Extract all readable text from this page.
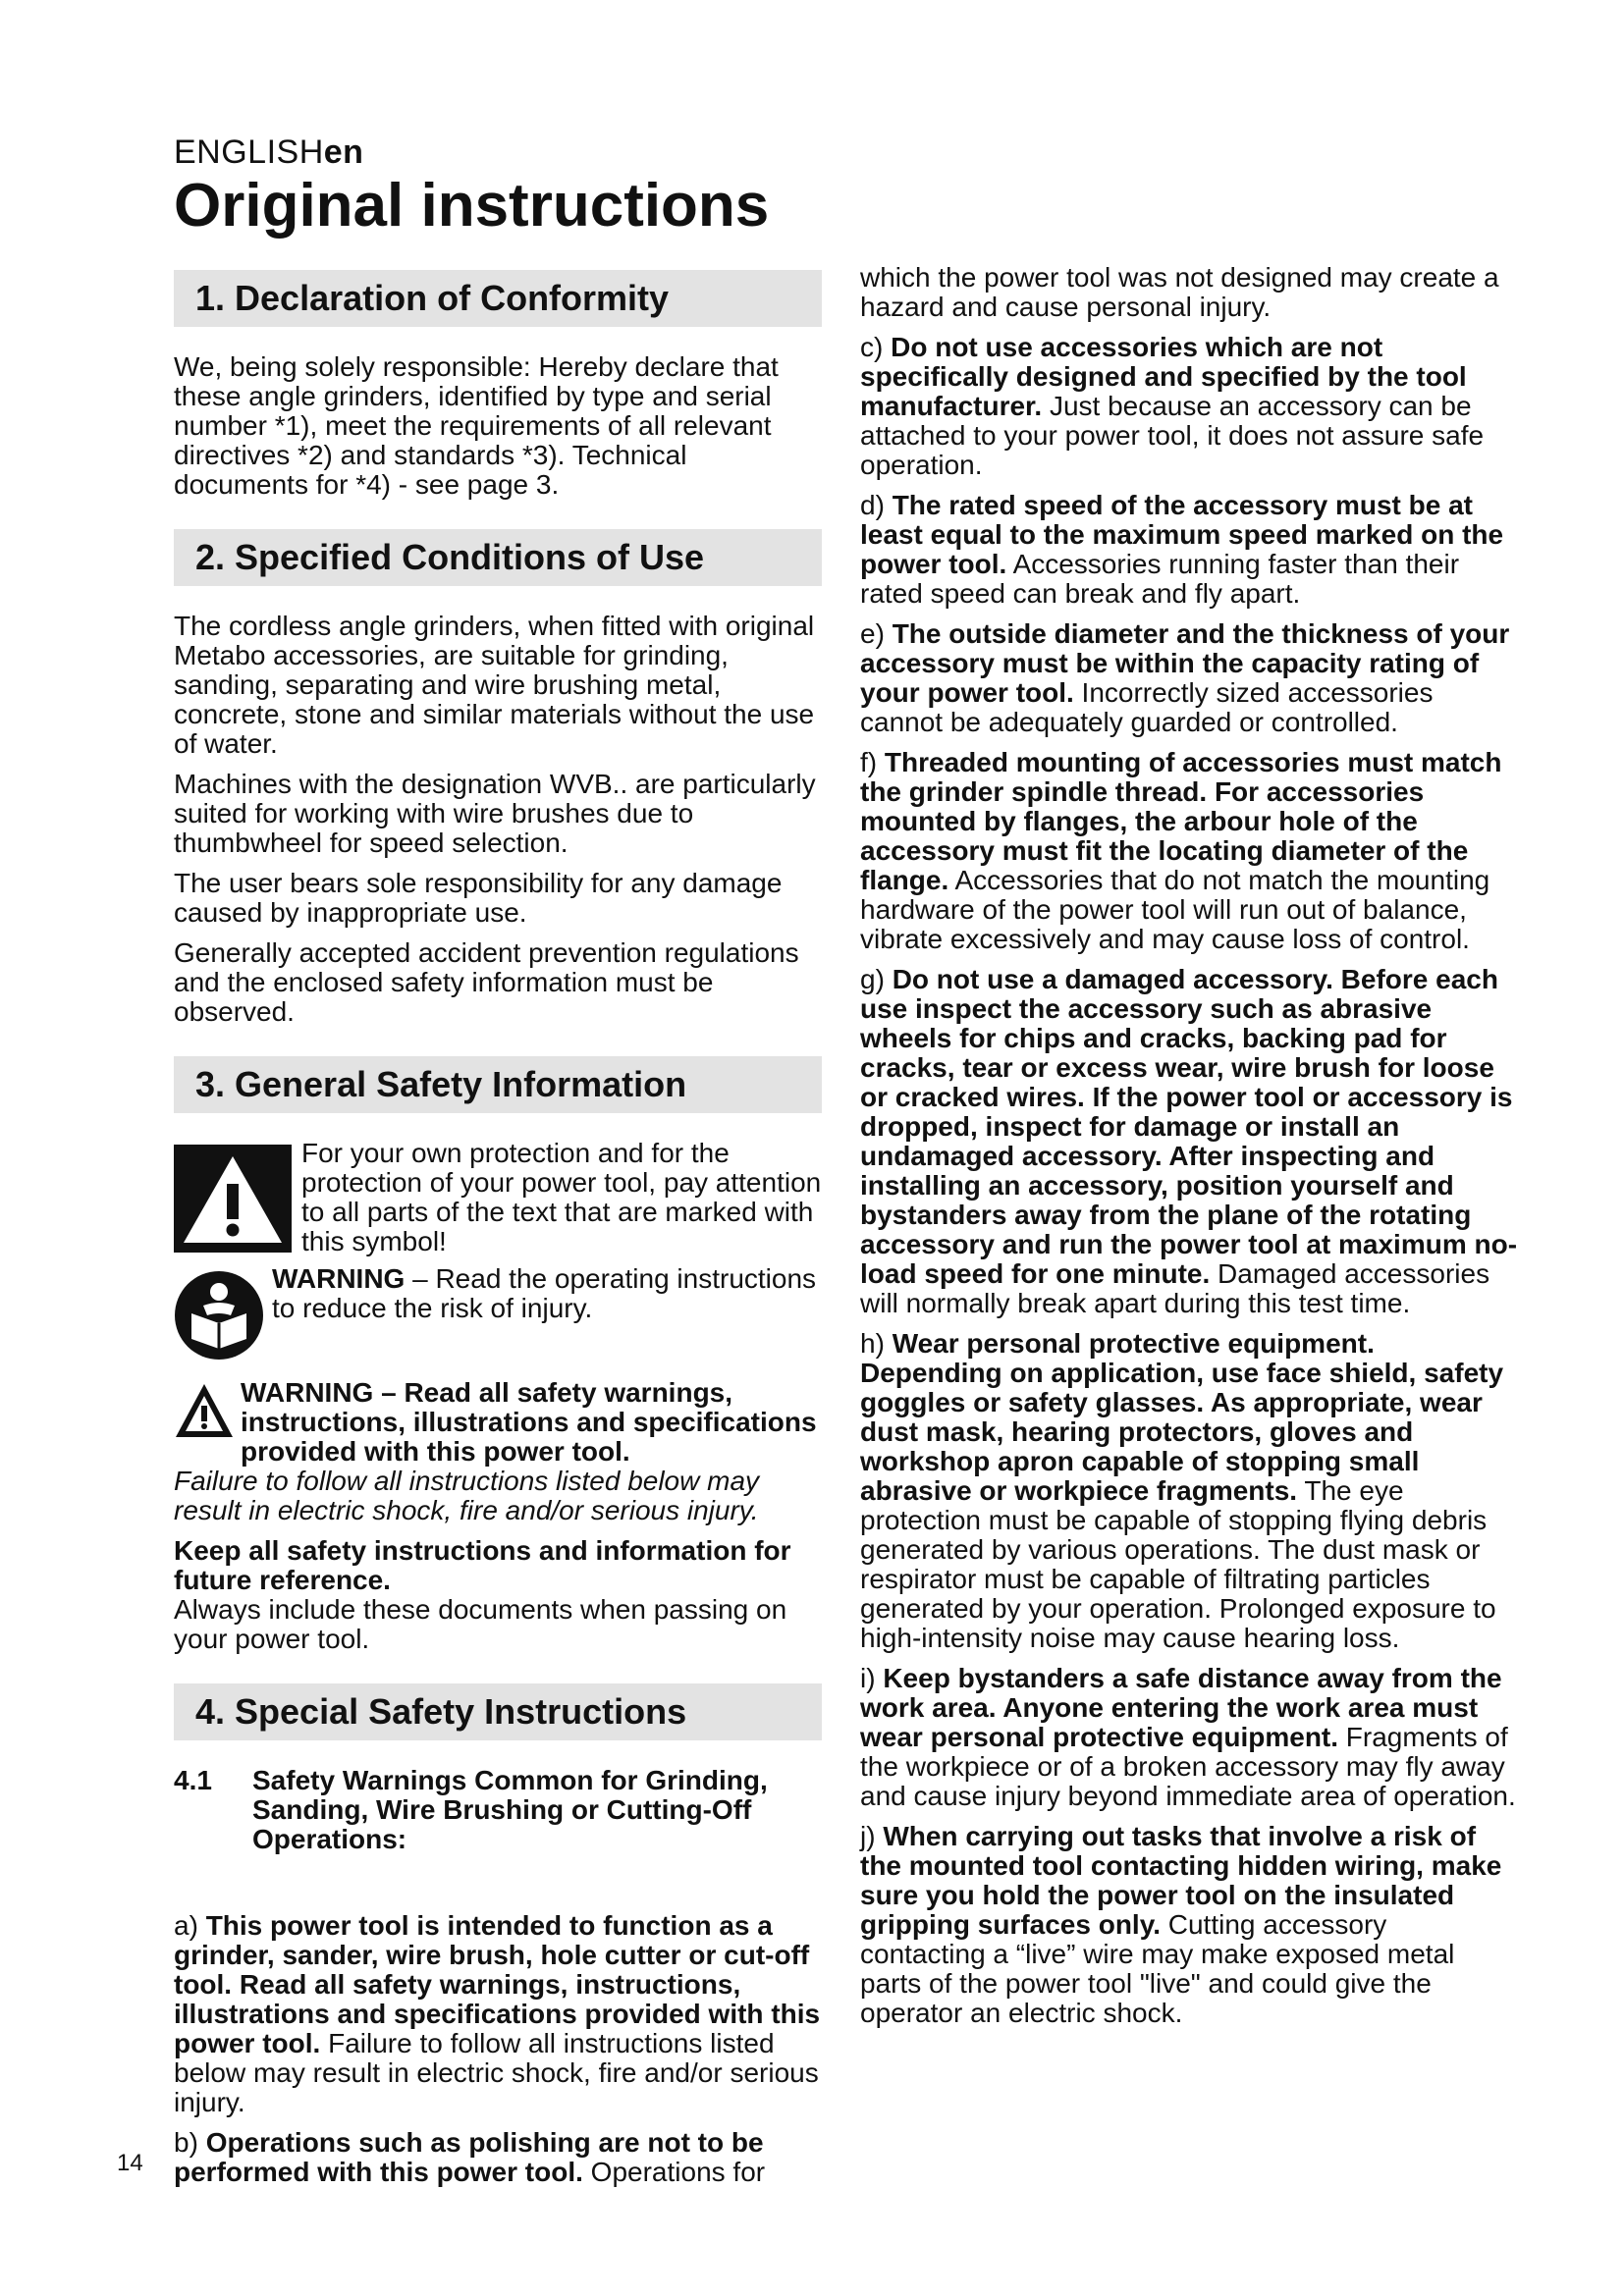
ENGLISHen
Original instructions
1. Declaration of Conformity

We, being solely responsible: Hereby declare that these angle grinders, identified by type and serial number *1), meet the requirements of all relevant directives *2) and standards *3). Technical documents for *4) - see page 3.

2. Specified Conditions of Use

The cordless angle grinders, when fitted with original Metabo accessories, are suitable for grinding, sanding, separating and wire brushing metal, concrete, stone and similar materials without the use of water.

Machines with the designation WVB.. are particularly suited for working with wire brushes due to thumbwheel for speed selection.

The user bears sole responsibility for any damage caused by inappropriate use.

Generally accepted accident prevention regulations and the enclosed safety information must be observed.

3. General Safety Information
For your own protection and for the protection of your power tool, pay attention to all parts of the text that are marked with this symbol!
WARNING – Read the operating instructions to reduce the risk of injury.

WARNING – Read all safety warnings, instructions, illustrations and specifications provided with this power tool.

Failure to follow all instructions listed below may result in electric shock, fire and/or serious injury.

Keep all safety instructions and information for future reference.

Always include these documents when passing on your power tool.

4. Special Safety Instructions
4.1	Safety Warnings Common for Grinding, Sanding, Wire Brushing or Cutting-Off Operations:

a) This power tool is intended to function as a grinder, sander, wire brush, hole cutter or cut-off tool. Read all safety warnings, instructions, illustrations and specifications provided with this power tool. Failure to follow all instructions listed below may result in electric shock, fire and/or serious injury.

b) Operations such as polishing are not to be performed with this power tool. Operations for

which the power tool was not designed may create a hazard and cause personal injury.

c) Do not use accessories which are not specifically designed and specified by the tool manufacturer. Just because an accessory can be attached to your power tool, it does not assure safe operation.

d) The rated speed of the accessory must be at least equal to the maximum speed marked on the power tool. Accessories running faster than their rated speed can break and fly apart.

e) The outside diameter and the thickness of your accessory must be within the capacity rating of your power tool. Incorrectly sized accessories cannot be adequately guarded or controlled.

f) Threaded mounting of accessories must match the grinder spindle thread. For accessories mounted by flanges, the arbour hole of the accessory must fit the locating diameter of the flange. Accessories that do not match the mounting hardware of the power tool will run out of balance, vibrate excessively and may cause loss of control.

g) Do not use a damaged accessory. Before each use inspect the accessory such as abrasive wheels for chips and cracks, backing pad for cracks, tear or excess wear, wire brush for loose or cracked wires. If the power tool or accessory is dropped, inspect for damage or install an undamaged accessory. After inspecting and installing an accessory, position yourself and bystanders away from the plane of the rotating accessory and run the power tool at maximum no-load speed for one minute. Damaged accessories will normally break apart during this test time.

h) Wear personal protective equipment. Depending on application, use face shield, safety goggles or safety glasses. As appropriate, wear dust mask, hearing protectors, gloves and workshop apron capable of stopping small abrasive or workpiece fragments. The eye protection must be capable of stopping flying debris generated by various operations. The dust mask or respirator must be capable of filtrating particles generated by your operation. Prolonged exposure to high-intensity noise may cause hearing loss.

i) Keep bystanders a safe distance away from the work area. Anyone entering the work area must wear personal protective equipment. Fragments of the workpiece or of a broken accessory may fly away and cause injury beyond immediate area of operation.

j) When carrying out tasks that involve a risk of the mounted tool contacting hidden wiring, make sure you hold the power tool on the insulated gripping surfaces only. Cutting accessory contacting a “live” wire may make exposed metal parts of the power tool "live" and could give the operator an electric shock.

14
